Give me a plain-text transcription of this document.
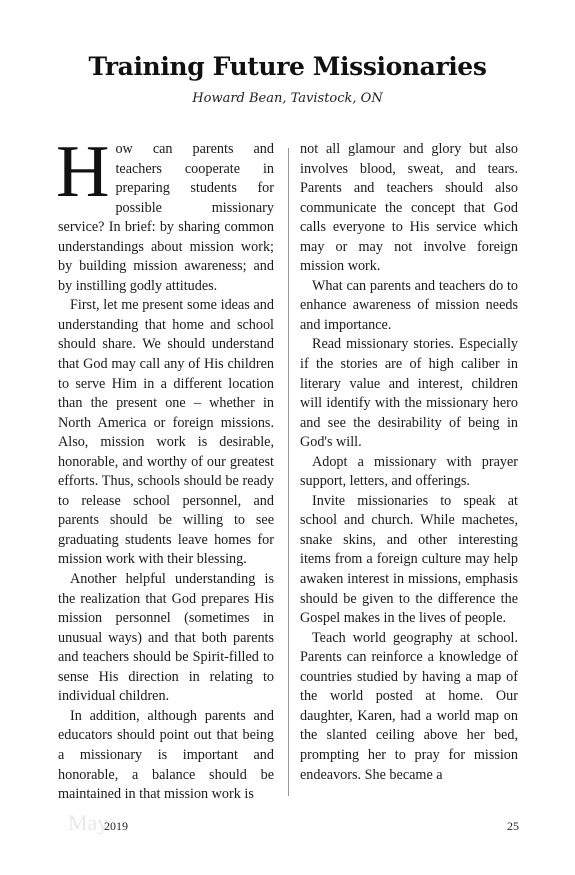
Training Future Missionaries
Howard Bean, Tavistock, ON

How can parents and teachers cooperate in preparing students for possible missionary service? In brief: by sharing common understandings about mission work; by building mission awareness; and by instilling godly attitudes.

First, let me present some ideas and understanding that home and school should share. We should understand that God may call any of His children to serve Him in a different location than the present one – whether in North America or foreign missions. Also, mission work is desirable, honorable, and worthy of our greatest efforts. Thus, schools should be ready to release school personnel, and parents should be willing to see graduating students leave homes for mission work with their blessing.

Another helpful understanding is the realization that God prepares His mission personnel (sometimes in unusual ways) and that both parents and teachers should be Spirit-filled to sense His direction in relating to individual children.

In addition, although parents and educators should point out that being a missionary is important and honorable, a balance should be maintained in that mission work is

not all glamour and glory but also involves blood, sweat, and tears. Parents and teachers should also communicate the concept that God calls everyone to His service which may or may not involve foreign mission work.

What can parents and teachers do to enhance awareness of mission needs and importance.

Read missionary stories. Especially if the stories are of high caliber in literary value and interest, children will identify with the missionary hero and see the desirability of being in God's will.

Adopt a missionary with prayer support, letters, and offerings.

Invite missionaries to speak at school and church. While machetes, snake skins, and other interesting items from a foreign culture may help awaken interest in missions, emphasis should be given to the difference the Gospel makes in the lives of people.

Teach world geography at school. Parents can reinforce a knowledge of countries studied by having a map of the world posted at home. Our daughter, Karen, had a world map on the slanted ceiling above her bed, prompting her to pray for mission endeavors. She became a

May
2019	25
